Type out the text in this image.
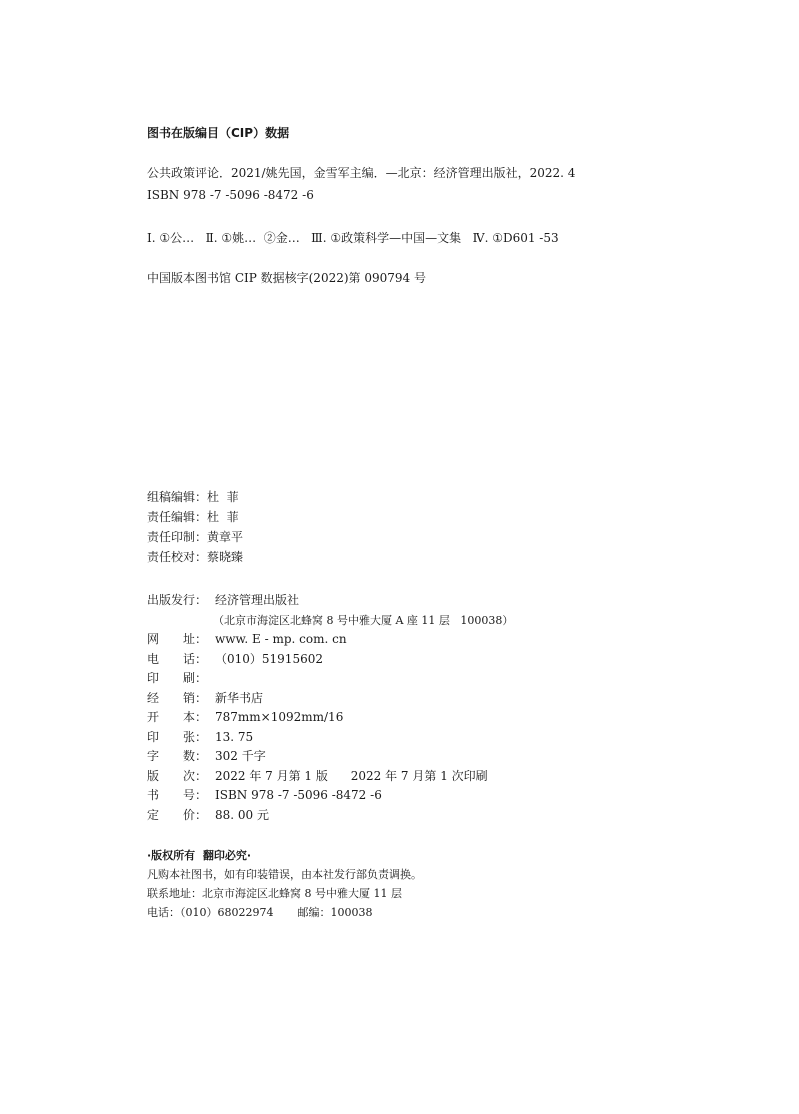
图书在版编目（CIP）数据
公共政策评论．2021/姚先国，金雪军主编．—北京：经济管理出版社，2022. 4
ISBN 978 -7 -5096 -8472 -6
Ⅰ. ①公…   Ⅱ. ①姚…  ②金…   Ⅲ. ①政策科学—中国—文集   Ⅳ. ①D601 -53
中国版本图书馆 CIP 数据核字(2022)第 090794 号
组稿编辑：杜  菲
责任编辑：杜  菲
责任印制：黄章平
责任校对：蔡晓臻
出版发行： 经济管理出版社
（北京市海淀区北蜂窝 8 号中雅大厦 A 座 11 层   100038）
网 址： www. E - mp. com. cn
电 话： （010）51915602
印 刷：
经 销： 新华书店
开 本： 787mm×1092mm/16
印 张： 13. 75
字 数： 302 千字
版 次： 2022 年 7 月第 1 版      2022 年 7 月第 1 次印刷
书 号： ISBN 978 -7 -5096 -8472 -6
定 价： 88. 00 元
·版权所有  翻印必究·
凡购本社图书，如有印装错误，由本社发行部负责调换。
联系地址：北京市海淀区北蜂窝 8 号中雅大厦 11 层
电话：（010）68022974 邮编：100038
